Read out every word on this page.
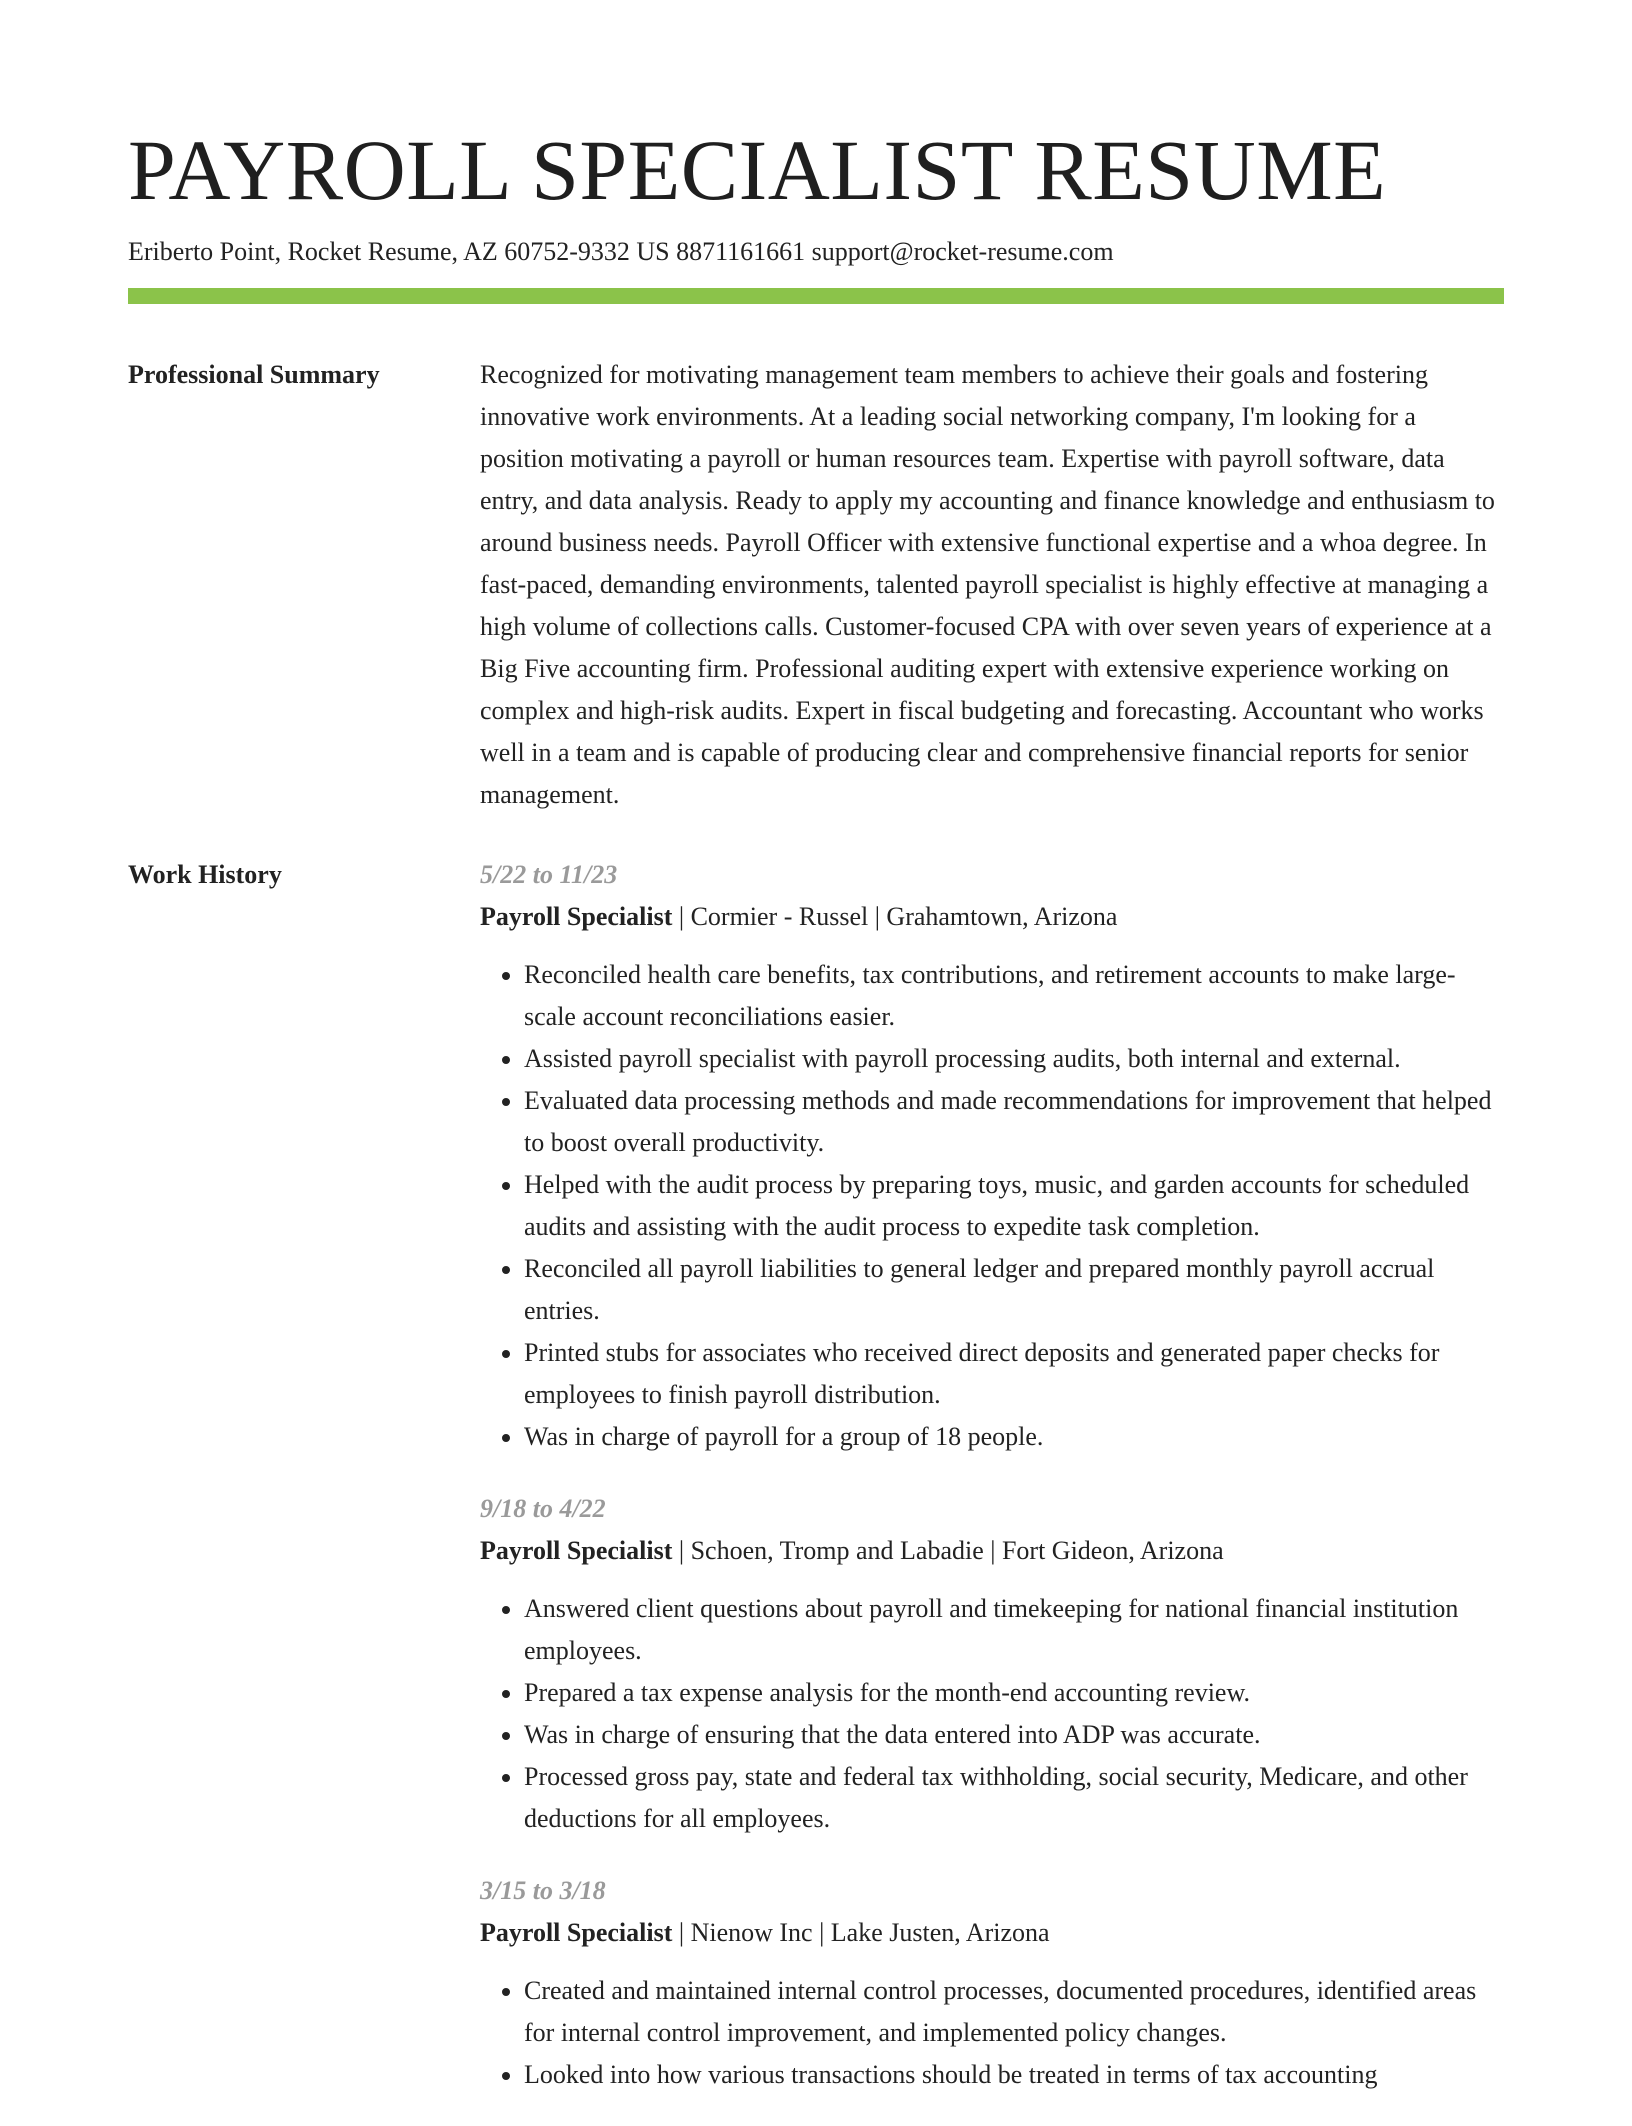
PAYROLL SPECIALIST RESUME
Eriberto Point, Rocket Resume, AZ 60752-9332 US 8871161661 support@rocket-resume.com
Professional Summary	Recognized for motivating management team members to achieve their goals and fostering innovative work environments. At a leading social networking company, I'm looking for a position motivating a payroll or human resources team. Expertise with payroll software, data entry, and data analysis. Ready to apply my accounting and finance knowledge and enthusiasm to around business needs. Payroll Officer with extensive functional expertise and a whoa degree. In fast-paced, demanding environments, talented payroll specialist is highly effective at managing a high volume of collections calls. Customer-focused CPA with over seven years of experience at a Big Five accounting firm. Professional auditing expert with extensive experience working on complex and high-risk audits. Expert in fiscal budgeting and forecasting. Accountant who works well in a team and is capable of producing clear and comprehensive financial reports for senior management.

Work History	5/22 to 11/23
Payroll Specialist | Cormier - Russel | Grahamtown, Arizona
• Reconciled health care benefits, tax contributions, and retirement accounts to make large-scale account reconciliations easier.
• Assisted payroll specialist with payroll processing audits, both internal and external.
• Evaluated data processing methods and made recommendations for improvement that helped to boost overall productivity.
• Helped with the audit process by preparing toys, music, and garden accounts for scheduled audits and assisting with the audit process to expedite task completion.
• Reconciled all payroll liabilities to general ledger and prepared monthly payroll accrual entries.
• Printed stubs for associates who received direct deposits and generated paper checks for employees to finish payroll distribution.
• Was in charge of payroll for a group of 18 people.
9/18 to 4/22
Payroll Specialist | Schoen, Tromp and Labadie | Fort Gideon, Arizona
• Answered client questions about payroll and timekeeping for national financial institution employees.
• Prepared a tax expense analysis for the month-end accounting review.
• Was in charge of ensuring that the data entered into ADP was accurate.
• Processed gross pay, state and federal tax withholding, social security, Medicare, and other deductions for all employees.
3/15 to 3/18
Payroll Specialist | Nienow Inc | Lake Justen, Arizona
• Created and maintained internal control processes, documented procedures, identified areas for internal control improvement, and implemented policy changes.
• Looked into how various transactions should be treated in terms of tax accounting
